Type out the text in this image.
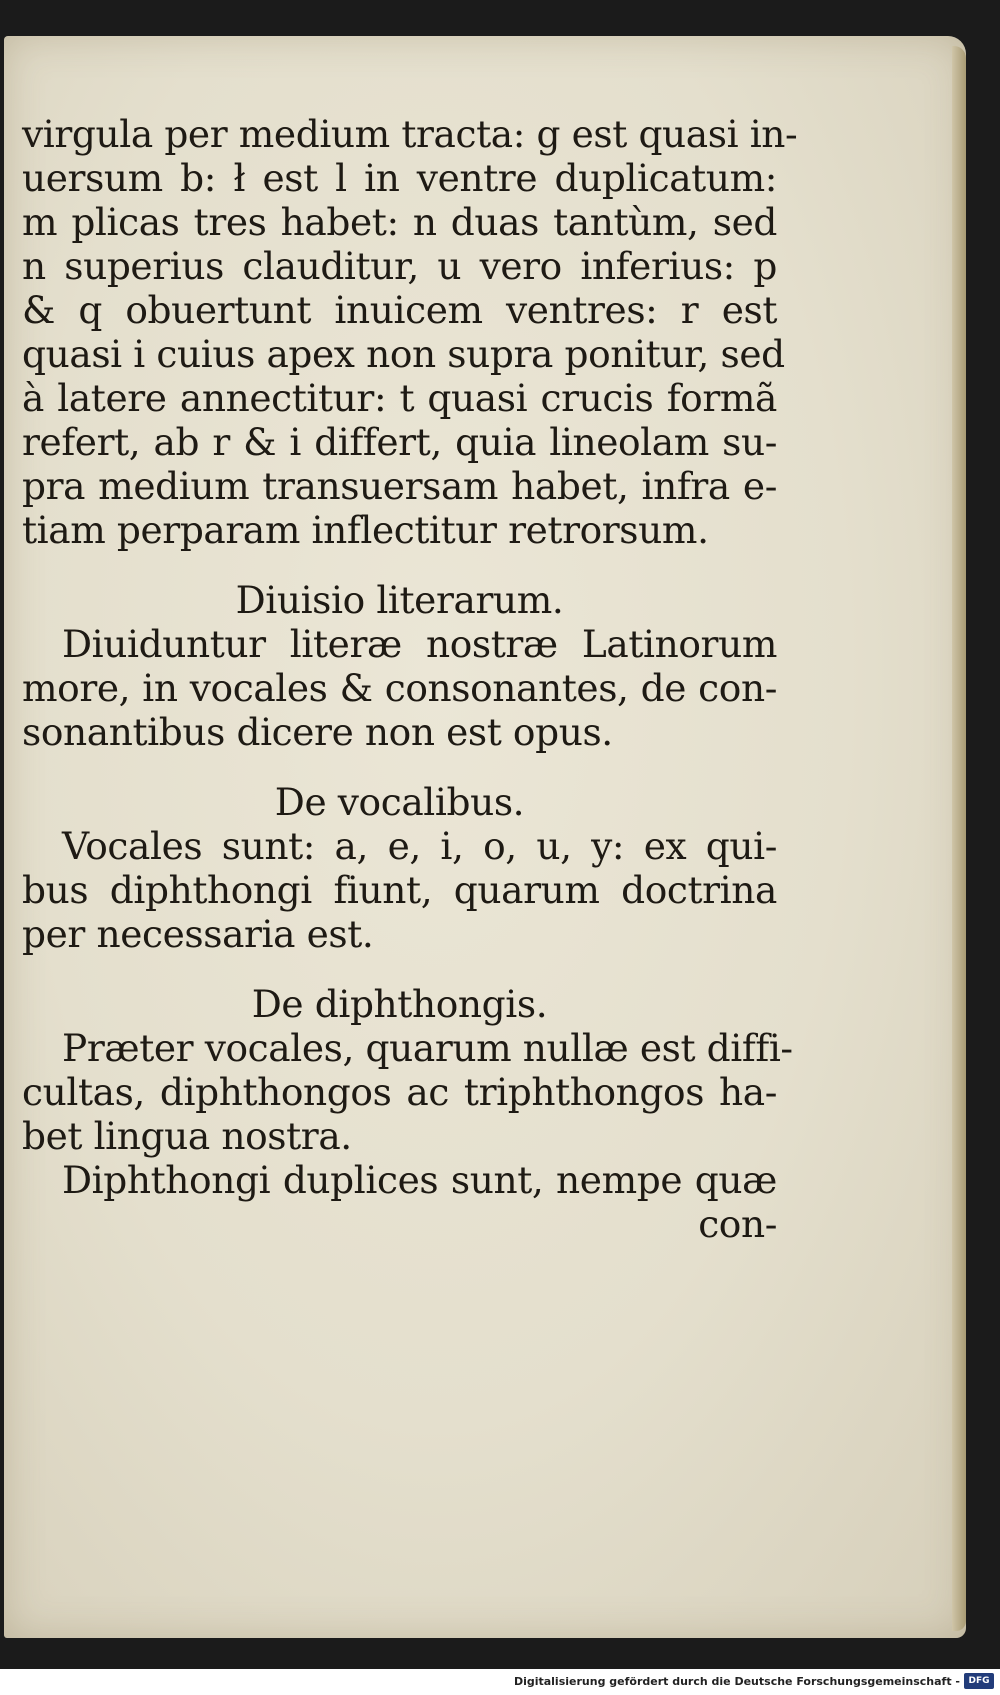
virgula per medium tracta: g est quasi in-
uersum b: ł est l in ventre duplicatum:
m plicas tres habet: n duas tantùm, sed
n superius clauditur, u vero inferius: p
& q obuertunt inuicem ventres: r est
quasi i cuius apex non supra ponitur, sed
à latere annectitur: t quasi crucis formã
refert, ab r & i differt, quia lineolam su-
pra medium transuersam habet, infra e-
tiam perparam inflectitur retrorsum.
Diuisio literarum.
Diuiduntur literæ nostræ Latinorum
more, in vocales & consonantes, de con-
sonantibus dicere non est opus.
De vocalibus.
Vocales sunt: a, e, i, o, u, y: ex qui-
bus diphthongi fiunt, quarum doctrina
per necessaria est.
De diphthongis.
Præter vocales, quarum nullæ est diffi-
cultas, diphthongos ac triphthongos ha-
bet lingua nostra.
Diphthongi duplices sunt, nempe quæ
con-
Digitalisierung gefördert durch die Deutsche Forschungsgemeinschaft - DFG
